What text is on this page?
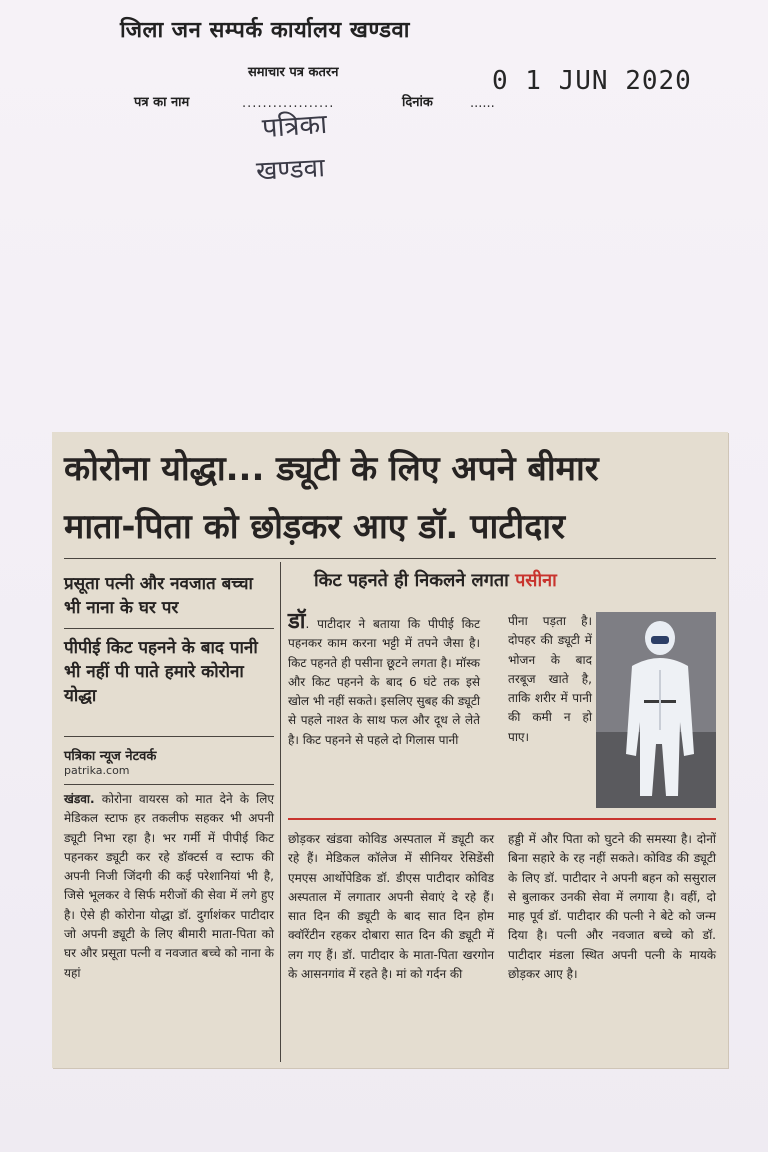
जिला जन सम्पर्क कार्यालय खण्डवा
समाचार पत्र कतरन	0 1 JUN 2020
पत्र का नाम	..................	दिनांक	......
पत्रिका
खण्डवा
कोरोना योद्धा... ड्यूटी के लिए अपने बीमार
माता-पिता को छोड़कर आए डॉ. पाटीदार
प्रसूता पत्नी और नवजात बच्चा भी नाना के घर पर
पीपीई किट पहनने के बाद पानी भी नहीं पी पाते हमारे कोरोना योद्धा
पत्रिका न्यूज नेटवर्क
patrika.com
खंडवा. कोरोना वायरस को मात देने के लिए मेडिकल स्टाफ हर तकलीफ सहकर भी अपनी ड्यूटी निभा रहा है। भर गर्मी में पीपीई किट पहनकर ड्यूटी कर रहे डॉक्टर्स व स्टाफ की अपनी निजी जिंदगी की कई परेशानियां भी है, जिसे भूलकर वे सिर्फ मरीजों की सेवा में लगे हुए है। ऐसे ही कोरोना योद्धा डॉ. दुर्गाशंकर पाटीदार जो अपनी ड्यूटी के लिए बीमारी माता-पिता को घर और प्रसूता पत्नी व नवजात बच्चे को नाना के यहां
किट पहनते ही निकलने लगता पसीना
डॉ. पाटीदार ने बताया कि पीपीई किट पहनकर काम करना भट्टी में तपने जैसा है। किट पहनते ही पसीना छूटने लगता है। मॉस्क और किट पहनने के बाद 6 घंटे तक इसे खोल भी नहीं सकते। इसलिए सुबह की ड्यूटी से पहले नाश्त के साथ फल और दूध ले लेते है। किट पहनने से पहले दो गिलास पानी
पीना पड़ता है। दोपहर की ड्यूटी में भोजन के बाद तरबूज खाते है, ताकि शरीर में पानी की कमी न हो पाए।
छोड़कर खंडवा कोविड अस्पताल में ड्यूटी कर रहे हैं। मेडिकल कॉलेज में सीनियर रेसिडेंसी एमएस आर्थोपेडिक डॉ. डीएस पाटीदार कोविड अस्पताल में लगातार अपनी सेवाएं दे रहे हैं। सात दिन की ड्यूटी के बाद सात दिन होम क्वॉरेंटीन रहकर दोबारा सात दिन की ड्यूटी में लग गए हैं। डॉ. पाटीदार के माता-पिता खरगोन के आसनगांव में रहते है। मां को गर्दन की
हड्डी में और पिता को घुटने की समस्या है। दोनों बिना सहारे के रह नहीं सकते। कोविड की ड्यूटी के लिए डॉ. पाटीदार ने अपनी बहन को ससुराल से बुलाकर उनकी सेवा में लगाया है। वहीं, दो माह पूर्व डॉ. पाटीदार की पत्नी ने बेटे को जन्म दिया है। पत्नी और नवजात बच्चे को डॉ. पाटीदार मंडला स्थित अपनी पत्नी के मायके छोड़कर आए है।
